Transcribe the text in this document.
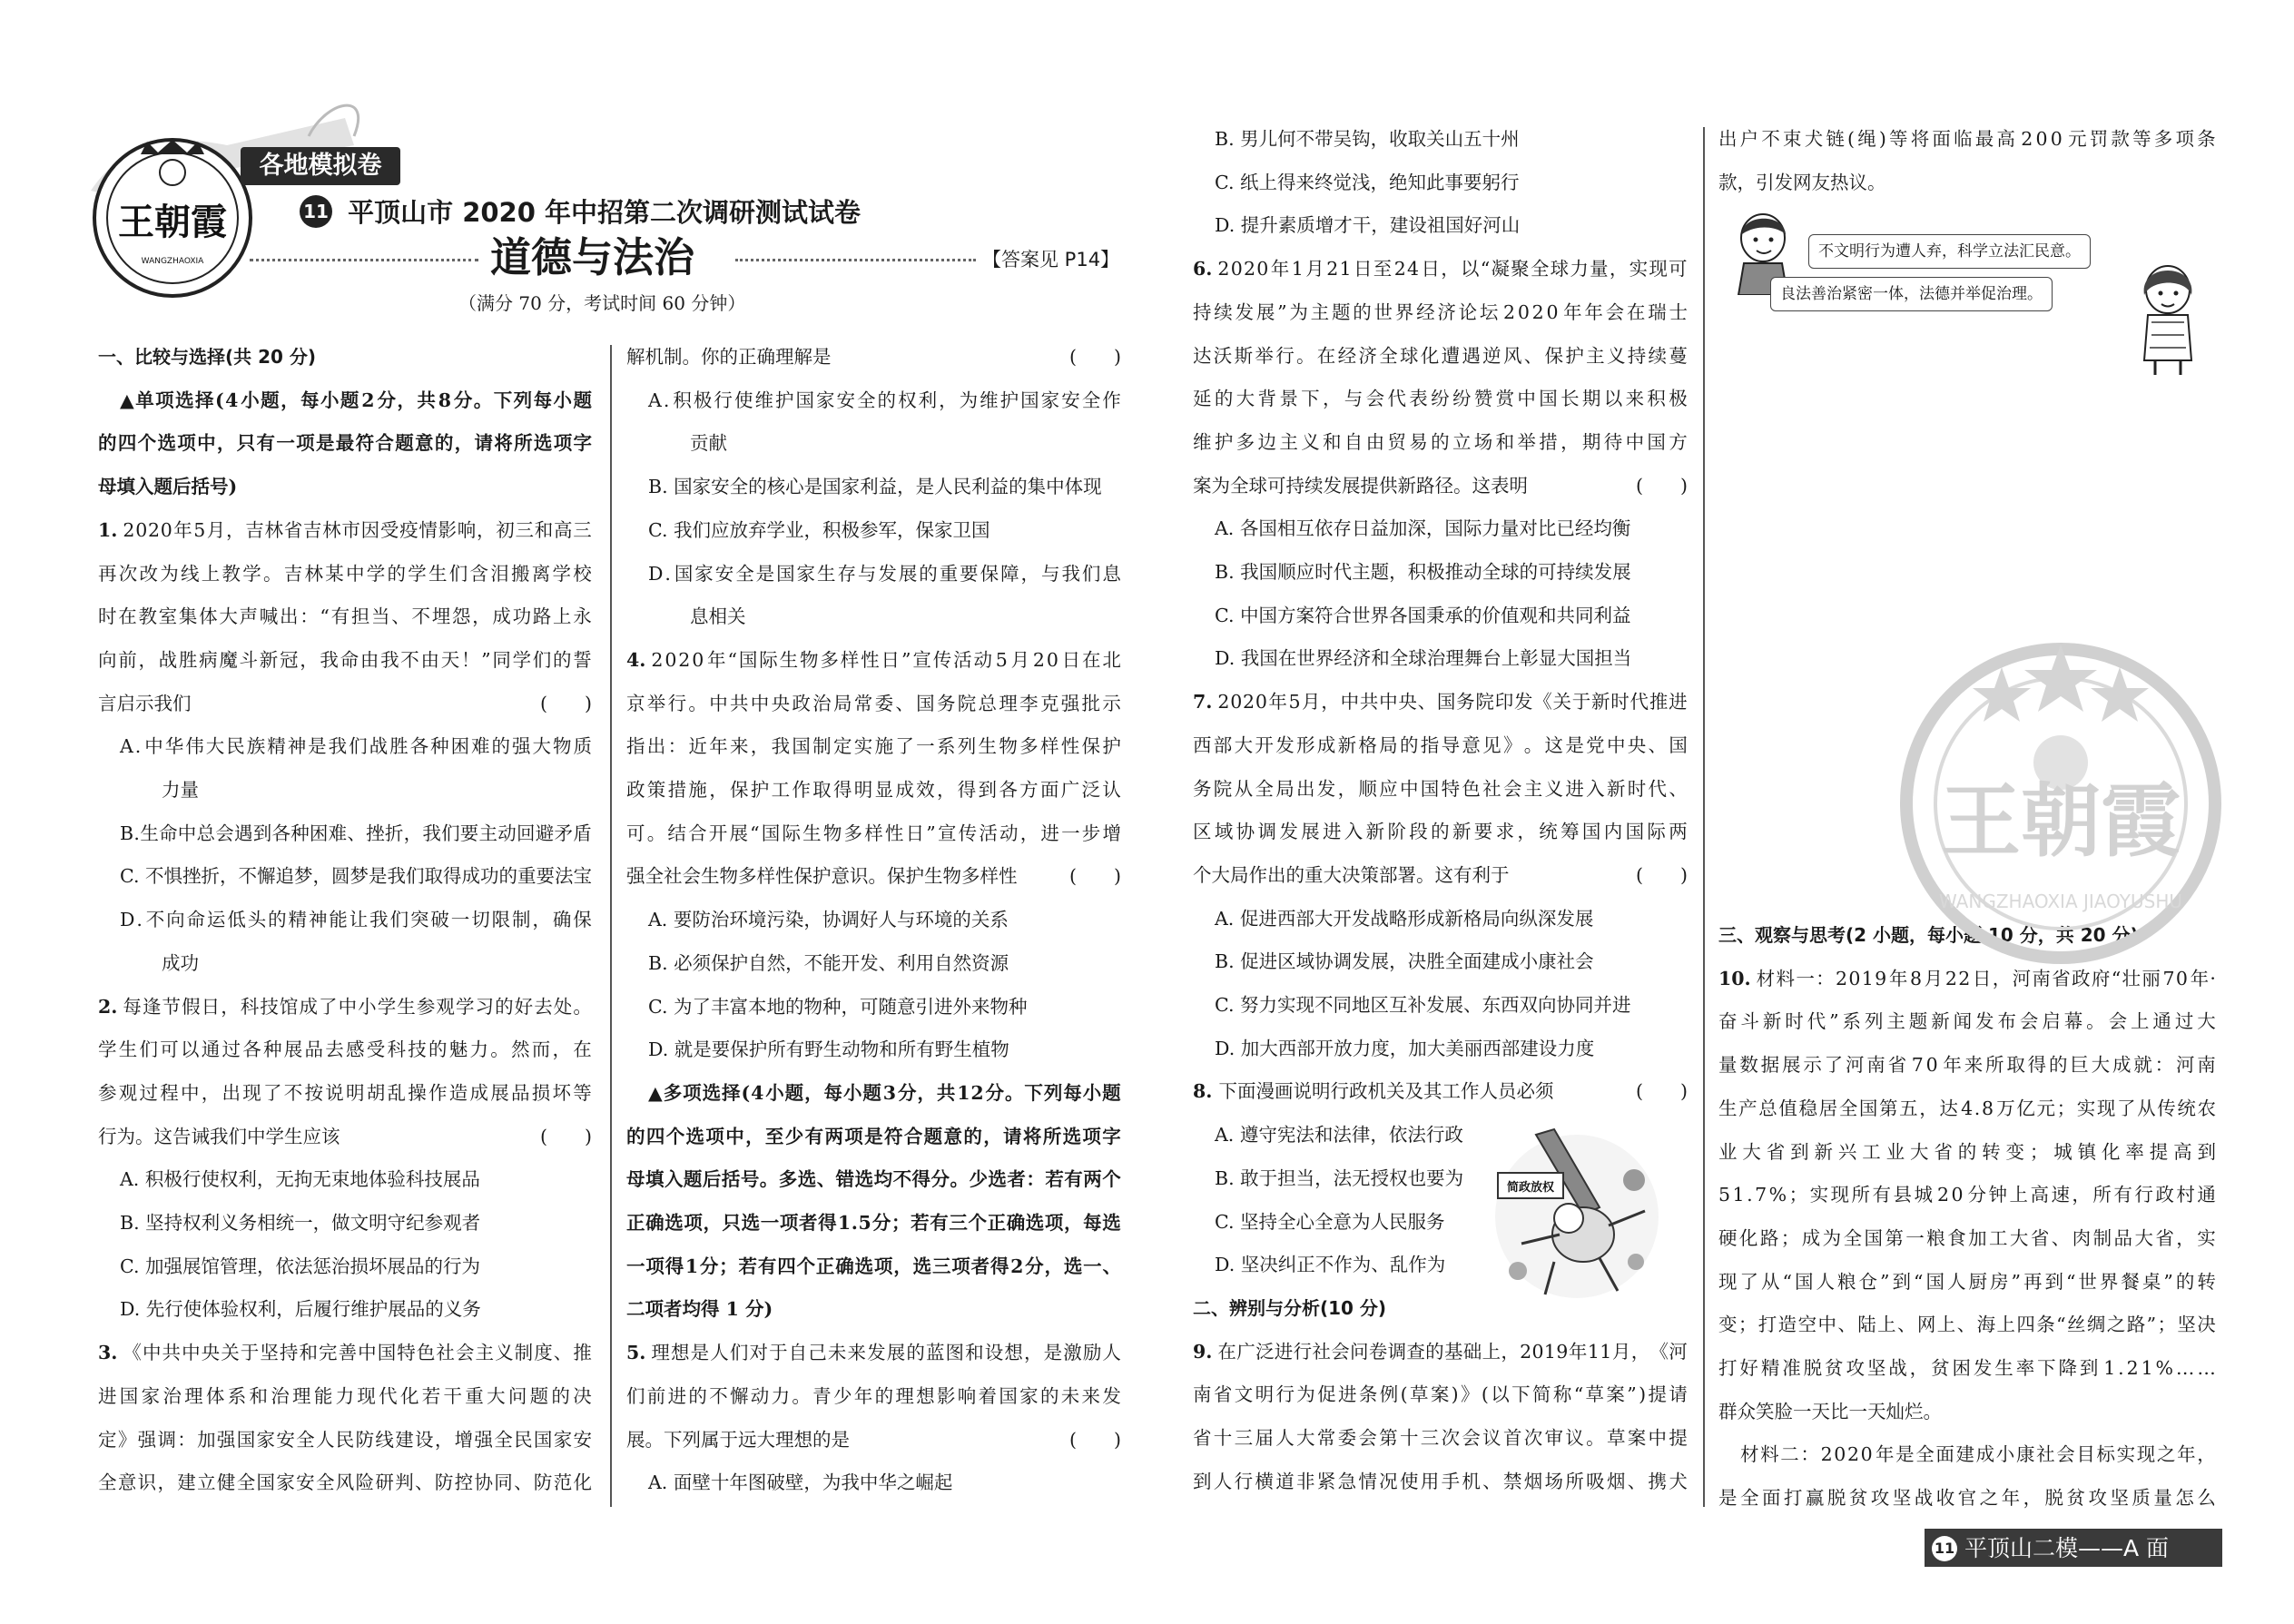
王朝霞
WANGZHAOXIA
各地模拟卷
11 平顶山市 2020 年中招第二次调研测试试卷
道德与法治	【答案见 P14】
（满分 70 分，考试时间 60 分钟）
一、比较与选择(共 20 分)
▲ 单 项 选 择 ( 4 小 题 ， 每 小 题 2 分 ， 共 8 分 。 下 列 每 小 题
的 四 个 选 项 中 ， 只 有 一 项 是 最 符 合 题 意 的 ， 请 将 所 选 项 字
母填入题后括号)
1. 2 0 2 0 年 5 月 ， 吉 林 省 吉 林 市 因 受 疫 情 影 响 ， 初 三 和 高 三
再 次 改 为 线 上 教 学 。 吉 林 某 中 学 的 学 生 们 含 泪 搬 离 学 校
时 在 教 室 集 体 大 声 喊 出 ： “ 有 担 当 、 不 埋 怨 ， 成 功 路 上 永
向 前 ， 战 胜 病 魔 斗 新 冠 ， 我 命 由 我 不 由 天 ！ ” 同 学 们 的 誓
言启示我们	(　　)
A . 中 华 伟 大 民 族 精 神 是 我 们 战 胜 各 种 困 难 的 强 大 物 质
力量
B . 生 命 中 总 会 遇 到 各 种 困 难 、 挫 折 ， 我 们 要 主 动 回 避 矛 盾
C. 不惧挫折，不懈追梦，圆梦是我们取得成功的重要法宝
D . 不 向 命 运 低 头 的 精 神 能 让 我 们 突 破 一 切 限 制 ， 确 保
成功
2. 每 逢 节 假 日 ， 科 技 馆 成 了 中 小 学 生 参 观 学 习 的 好 去 处 。
学 生 们 可 以 通 过 各 种 展 品 去 感 受 科 技 的 魅 力 。 然 而 ， 在
参 观 过 程 中 ， 出 现 了 不 按 说 明 胡 乱 操 作 造 成 展 品 损 坏 等
行为。这告诫我们中学生应该	(　　)
A. 积极行使权利，无拘无束地体验科技展品
B. 坚持权利义务相统一，做文明守纪参观者
C. 加强展馆管理，依法惩治损坏展品的行为
D. 先行使体验权利，后履行维护展品的义务
3. 《 中 共 中 央 关 于 坚 持 和 完 善 中 国 特 色 社 会 主 义 制 度 、 推
进 国 家 治 理 体 系 和 治 理 能 力 现 代 化 若 干 重 大 问 题 的 决
定 》 强 调 ： 加 强 国 家 安 全 人 民 防 线 建 设 ， 增 强 全 民 国 家 安
全 意 识 ， 建 立 健 全 国 家 安 全 风 险 研 判 、 防 控 协 同 、 防 范 化
解机制。你的正确理解是	(　　)
A . 积 极 行 使 维 护 国 家 安 全 的 权 利 ， 为 维 护 国 家 安 全 作
贡献
B. 国家安全的核心是国家利益，是人民利益的集中体现
C. 我们应放弃学业，积极参军，保家卫国
D . 国 家 安 全 是 国 家 生 存 与 发 展 的 重 要 保 障 ， 与 我 们 息
息相关
4. 2 0 2 0 年 “ 国 际 生 物 多 样 性 日 ” 宣 传 活 动 5 月 2 0 日 在 北
京 举 行 。 中 共 中 央 政 治 局 常 委 、 国 务 院 总 理 李 克 强 批 示
指 出 ： 近 年 来 ， 我 国 制 定 实 施 了 一 系 列 生 物 多 样 性 保 护
政 策 措 施 ， 保 护 工 作 取 得 明 显 成 效 ， 得 到 各 方 面 广 泛 认
可 。 结 合 开 展 “ 国 际 生 物 多 样 性 日 ” 宣 传 活 动 ， 进 一 步 增
强全社会生物多样性保护意识。保护生物多样性	(　　)
A. 要防治环境污染，协调好人与环境的关系
B. 必须保护自然，不能开发、利用自然资源
C. 为了丰富本地的物种，可随意引进外来物种
D. 就是要保护所有野生动物和所有野生植物
▲ 多 项 选 择 ( 4 小 题 ， 每 小 题 3 分 ， 共 1 2 分 。 下 列 每 小 题
的 四 个 选 项 中 ， 至 少 有 两 项 是 符 合 题 意 的 ， 请 将 所 选 项 字
母 填 入 题 后 括 号 。 多 选 、 错 选 均 不 得 分 。 少 选 者 ： 若 有 两 个
正 确 选 项 ， 只 选 一 项 者 得 1 . 5 分 ； 若 有 三 个 正 确 选 项 ， 每 选
一 项 得 1 分 ； 若 有 四 个 正 确 选 项 ， 选 三 项 者 得 2 分 ， 选 一 、
二项者均得 1 分)
5. 理 想 是 人 们 对 于 自 己 未 来 发 展 的 蓝 图 和 设 想 ， 是 激 励 人
们 前 进 的 不 懈 动 力 。 青 少 年 的 理 想 影 响 着 国 家 的 未 来 发
展。下列属于远大理想的是	(　　)
A. 面壁十年图破壁，为我中华之崛起
B. 男儿何不带吴钩，收取关山五十州
C. 纸上得来终觉浅，绝知此事要躬行
D. 提升素质增才干，建设祖国好河山
6. 2 0 2 0 年 1 月 2 1 日 至 2 4 日 ， 以 “ 凝 聚 全 球 力 量 ， 实 现 可
持 续 发 展 ” 为 主 题 的 世 界 经 济 论 坛 2 0 2 0 年 年 会 在 瑞 士
达 沃 斯 举 行 。 在 经 济 全 球 化 遭 遇 逆 风 、 保 护 主 义 持 续 蔓
延 的 大 背 景 下 ， 与 会 代 表 纷 纷 赞 赏 中 国 长 期 以 来 积 极
维 护 多 边 主 义 和 自 由 贸 易 的 立 场 和 举 措 ， 期 待 中 国 方
案为全球可持续发展提供新路径。这表明	(　　)
A. 各国相互依存日益加深，国际力量对比已经均衡
B. 我国顺应时代主题，积极推动全球的可持续发展
C. 中国方案符合世界各国秉承的价值观和共同利益
D. 我国在世界经济和全球治理舞台上彰显大国担当
7. 2 0 2 0 年 5 月 ， 中 共 中 央 、 国 务 院 印 发 《 关 于 新 时 代 推 进
西 部 大 开 发 形 成 新 格 局 的 指 导 意 见 》 。 这 是 党 中 央 、 国
务 院 从 全 局 出 发 ， 顺 应 中 国 特 色 社 会 主 义 进 入 新 时 代 、
区 域 协 调 发 展 进 入 新 阶 段 的 新 要 求 ， 统 筹 国 内 国 际 两
个大局作出的重大决策部署。这有利于	(　　)
A. 促进西部大开发战略形成新格局向纵深发展
B. 促进区域协调发展，决胜全面建成小康社会
C. 努力实现不同地区互补发展、东西双向协同并进
D. 加大西部开放力度，加大美丽西部建设力度
8. 下面漫画说明行政机关及其工作人员必须	(　　)
A. 遵守宪法和法律，依法行政
B. 敢于担当，法无授权也要为
C. 坚持全心全意为人民服务
D. 坚决纠正不作为、乱作为
二、辨别与分析(10 分)
9. 在 广 泛 进 行 社 会 问 卷 调 查 的 基 础 上 ， 2 0 1 9 年 1 1 月 ， 《 河
南 省 文 明 行 为 促 进 条 例 ( 草 案 ) 》 ( 以 下 简 称 “ 草 案 ” ) 提 请
省 十 三 届 人 大 常 委 会 第 十 三 次 会 议 首 次 审 议 。 草 案 中 提
到 人 行 横 道 非 紧 急 情 况 使 用 手 机 、 禁 烟 场 所 吸 烟 、 携 犬
出 户 不 束 犬 链 ( 绳 ) 等 将 面 临 最 高 2 0 0 元 罚 款 等 多 项 条
款，引发网友热议。
三、观察与思考(2 小题，每小题 10 分，共 20 分)
10. 材 料 一 ： 2 0 1 9 年 8 月 2 2 日 ， 河 南 省 政 府 “ 壮 丽 7 0 年 ·
奋 斗 新 时 代 ” 系 列 主 题 新 闻 发 布 会 启 幕 。 会 上 通 过 大
量 数 据 展 示 了 河 南 省 7 0 年 来 所 取 得 的 巨 大 成 就 ： 河 南
生 产 总 值 稳 居 全 国 第 五 ， 达 4 . 8 万 亿 元 ； 实 现 了 从 传 统 农
业 大 省 到 新 兴 工 业 大 省 的 转 变 ； 城 镇 化 率 提 高 到
5 1 . 7 % ； 实 现 所 有 县 城 2 0 分 钟 上 高 速 ， 所 有 行 政 村 通
硬 化 路 ； 成 为 全 国 第 一 粮 食 加 工 大 省 、 肉 制 品 大 省 ， 实
现 了 从 “ 国 人 粮 仓 ” 到 “ 国 人 厨 房 ” 再 到 “ 世 界 餐 桌 ” 的 转
变 ； 打 造 空 中 、 陆 上 、 网 上 、 海 上 四 条 “ 丝 绸 之 路 ” ； 坚 决
打 好 精 准 脱 贫 攻 坚 战 ， 贫 困 发 生 率 下 降 到 1 . 2 1 % … …
群众笑脸一天比一天灿烂。
材 料 二 ： 2 0 2 0 年 是 全 面 建 成 小 康 社 会 目 标 实 现 之 年 ，
是 全 面 打 赢 脱 贫 攻 坚 战 收 官 之 年 ， 脱 贫 攻 坚 质 量 怎 么
不文明行为遭人弃，科学立法汇民意。
良法善治紧密一体，法德并举促治理。
简政放权
王朝霞
WANGZHAOXIA JIAOYUSHU
11 平顶山二模——A 面
